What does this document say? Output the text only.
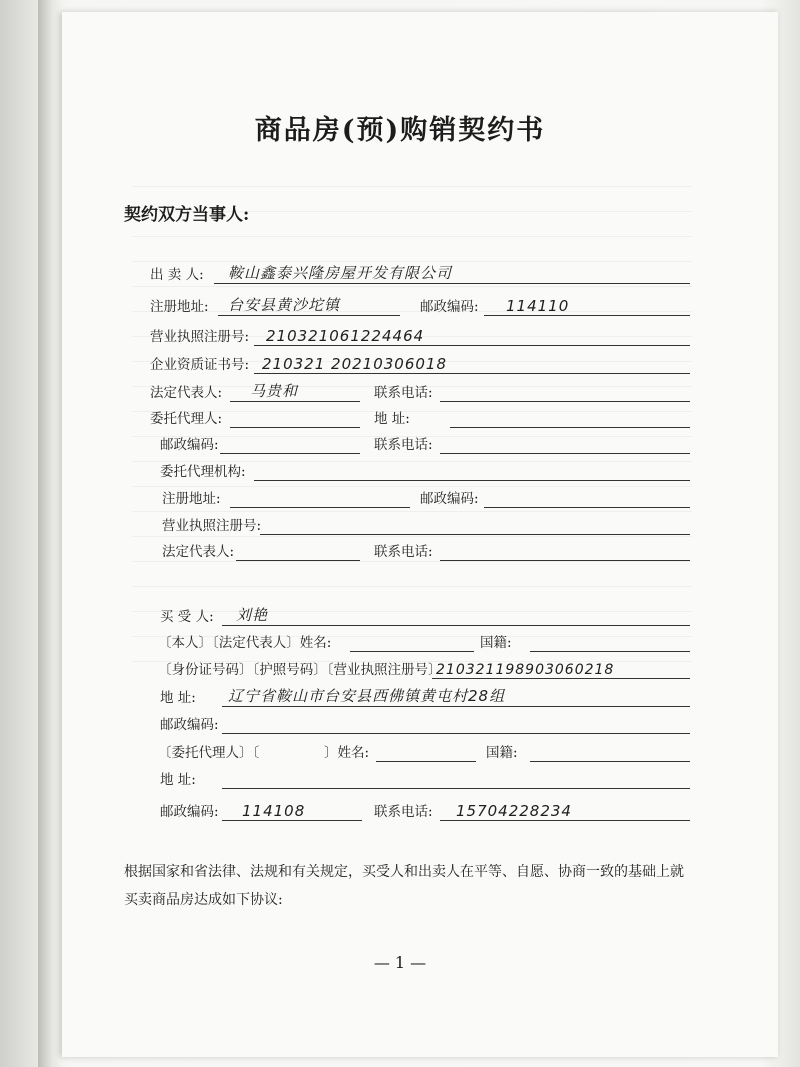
商品房(预)购销契约书
契约双方当事人:
出 卖 人: 鞍山鑫泰兴隆房屋开发有限公司
注册地址: 台安县黄沙坨镇	邮政编码: 114110
营业执照注册号: 210321061224464
企业资质证书号: 210321 20210306018
法定代表人: 马贵和	联系电话:
委托代理人:	地 址:
邮政编码:	联系电话:
委托代理机构:
注册地址:	邮政编码:
营业执照注册号:
法定代表人:	联系电话:
买 受 人: 刘艳
〔本人〕〔法定代表人〕姓名:	国籍:
〔身份证号码〕〔护照号码〕〔营业执照注册号〕
210321198903060218
地 址: 辽宁省鞍山市台安县西佛镇黄屯村28组
邮政编码:
〔委托代理人〕〔	〕姓名:	国籍:
地 址:
邮政编码: 114108	联系电话: 15704228234
根据国家和省法律、法规和有关规定，买受人和出卖人在平等、自愿、协商一致的基础上就买卖商品房达成如下协议:
— 1 —
